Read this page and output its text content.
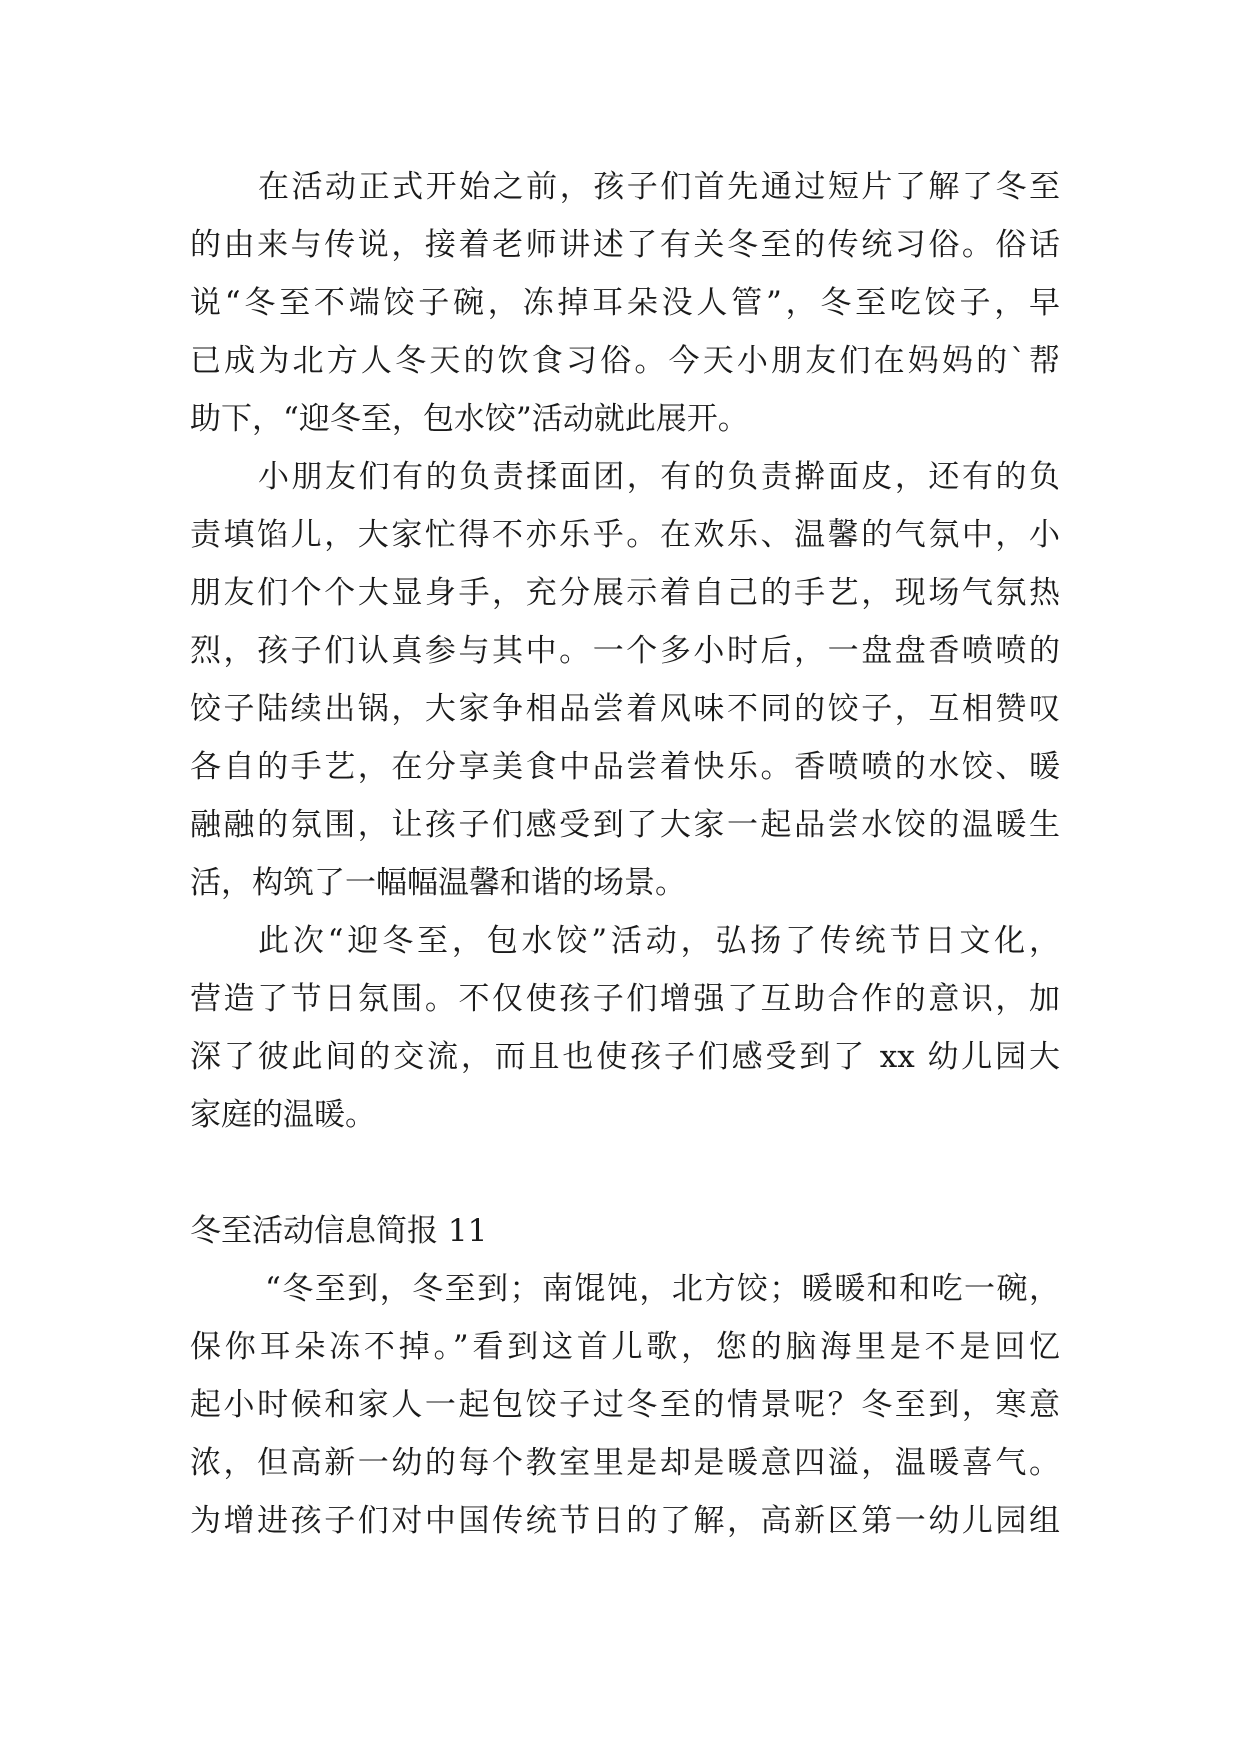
在活动正式开始之前，孩子们首先通过短片了解了冬至
的由来与传说，接着老师讲述了有关冬至的传统习俗。俗话
说“冬至不端饺子碗，冻掉耳朵没人管”，冬至吃饺子，早
已成为北方人冬天的饮食习俗。今天小朋友们在妈妈的`帮
助下，“迎冬至，包水饺”活动就此展开。
小朋友们有的负责揉面团，有的负责擀面皮，还有的负
责填馅儿，大家忙得不亦乐乎。在欢乐、温馨的气氛中，小
朋友们个个大显身手，充分展示着自己的手艺，现场气氛热
烈，孩子们认真参与其中。一个多小时后，一盘盘香喷喷的
饺子陆续出锅，大家争相品尝着风味不同的饺子，互相赞叹
各自的手艺，在分享美食中品尝着快乐。香喷喷的水饺、暖
融融的氛围，让孩子们感受到了大家一起品尝水饺的温暖生
活，构筑了一幅幅温馨和谐的场景。
此次“迎冬至，包水饺”活动，弘扬了传统节日文化，
营造了节日氛围。不仅使孩子们增强了互助合作的意识，加
深了彼此间的交流，而且也使孩子们感受到了 xx 幼儿园大
家庭的温暖。
冬至活动信息简报 11
“冬至到，冬至到；南馄饨，北方饺；暖暖和和吃一碗，
保你耳朵冻不掉。”看到这首儿歌，您的脑海里是不是回忆
起小时候和家人一起包饺子过冬至的情景呢？冬至到，寒意
浓，但高新一幼的每个教室里是却是暖意四溢，温暖喜气。
为增进孩子们对中国传统节日的了解，高新区第一幼儿园组
